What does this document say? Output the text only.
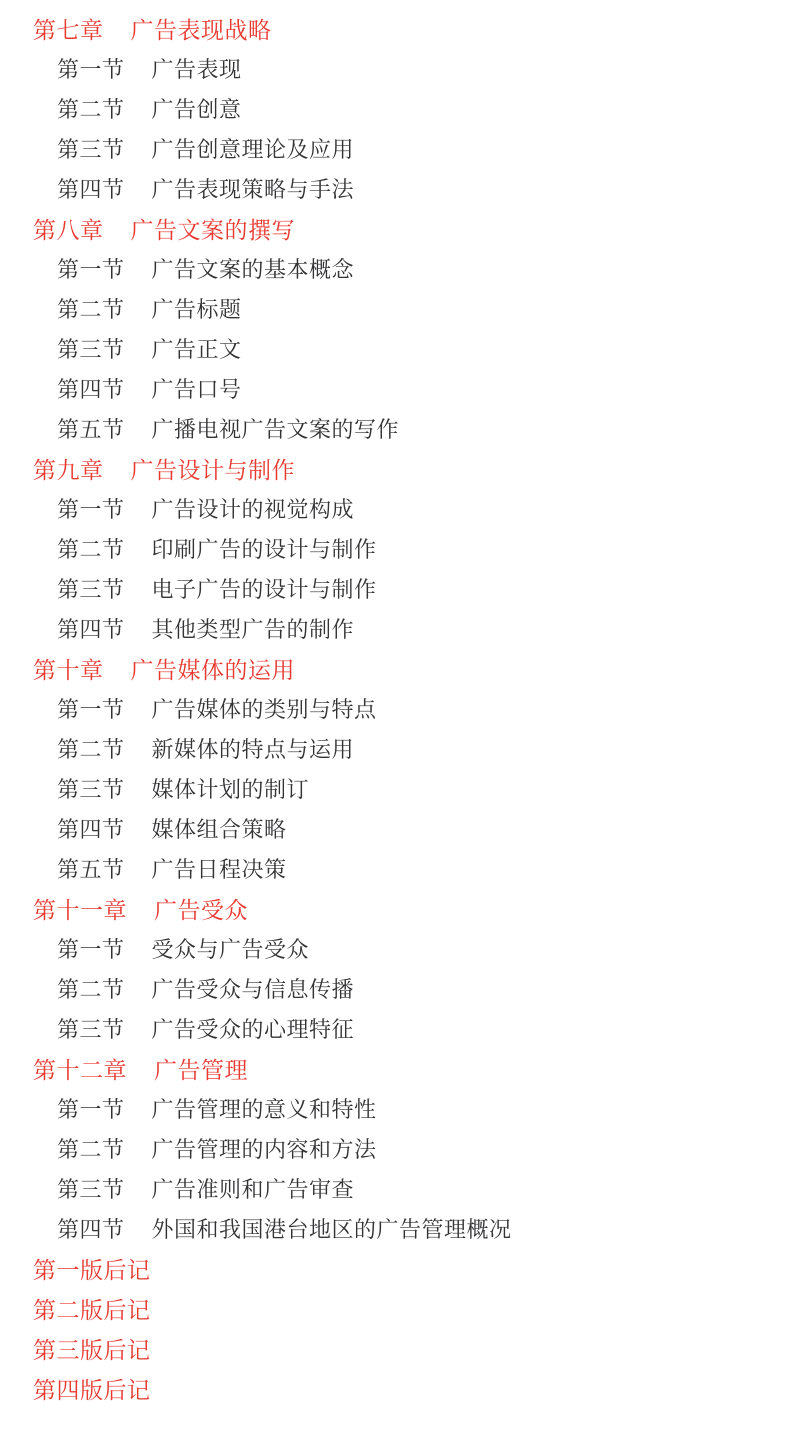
第七章 广告表现战略
第一节 广告表现
第二节 广告创意
第三节 广告创意理论及应用
第四节 广告表现策略与手法
第八章 广告文案的撰写
第一节 广告文案的基本概念
第二节 广告标题
第三节 广告正文
第四节 广告口号
第五节 广播电视广告文案的写作
第九章 广告设计与制作
第一节 广告设计的视觉构成
第二节 印刷广告的设计与制作
第三节 电子广告的设计与制作
第四节 其他类型广告的制作
第十章 广告媒体的运用
第一节 广告媒体的类别与特点
第二节 新媒体的特点与运用
第三节 媒体计划的制订
第四节 媒体组合策略
第五节 广告日程决策
第十一章 广告受众
第一节 受众与广告受众
第二节 广告受众与信息传播
第三节 广告受众的心理特征
第十二章 广告管理
第一节 广告管理的意义和特性
第二节 广告管理的内容和方法
第三节 广告准则和广告审查
第四节 外国和我国港台地区的广告管理概况
第一版后记
第二版后记
第三版后记
第四版后记
